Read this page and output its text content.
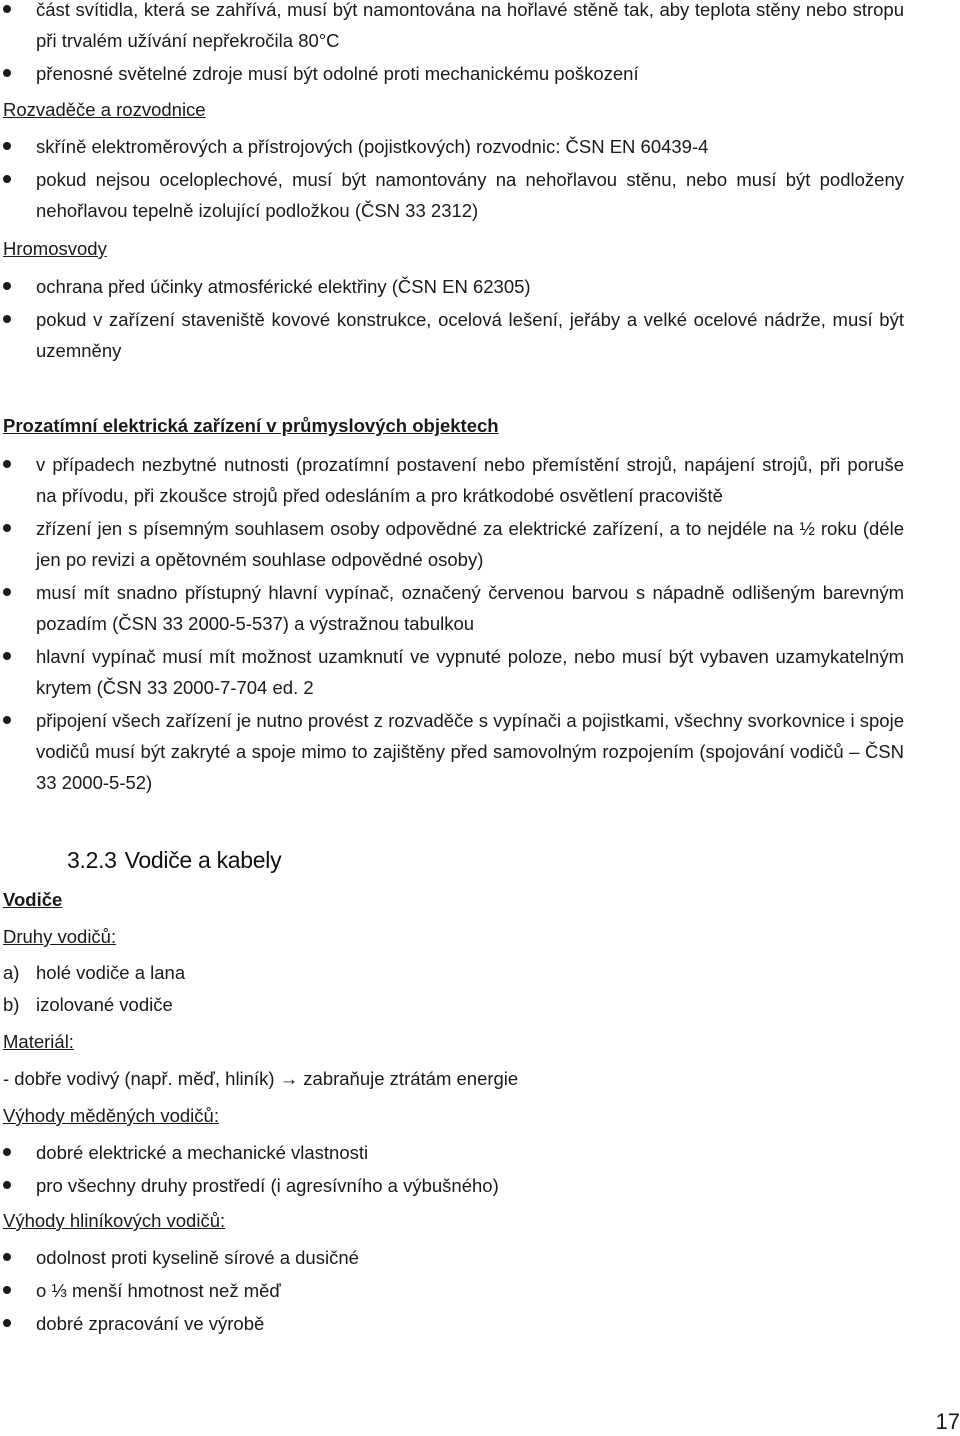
část svítidla, která se zahřívá, musí být namontována na hořlavé stěně tak, aby teplota stěny nebo stropu při trvalém užívání nepřekročila 80°C
přenosné světelné zdroje musí být odolné proti mechanickému poškození
Rozvaděče a rozvodnice
skříně elektroměrových a přístrojových (pojistkových) rozvodnic: ČSN EN 60439-4
pokud nejsou oceloplechové, musí být namontovány na nehořlavou stěnu, nebo musí být podloženy nehořlavou tepelně izolující podložkou (ČSN 33 2312)
Hromosvody
ochrana před účinky atmosférické elektřiny (ČSN EN 62305)
pokud v zařízení staveniště kovové konstrukce, ocelová lešení, jeřáby a velké ocelové nádrže, musí být uzemněny
Prozatímní elektrická zařízení v průmyslových objektech
v případech nezbytné nutnosti (prozatímní postavení nebo přemístění strojů, napájení strojů, při poruše na přívodu, při zkoušce strojů před odesláním a pro krátkodobé osvětlení pracoviště
zřízení jen s písemným souhlasem osoby odpovědné za elektrické zařízení, a to nejdéle na ½ roku (déle jen po revizi a opětovném souhlase odpovědné osoby)
musí mít snadno přístupný hlavní vypínač, označený červenou barvou s nápadně odlišeným barevným pozadím (ČSN 33 2000-5-537) a výstražnou tabulkou
hlavní vypínač musí mít možnost uzamknutí ve vypnuté poloze, nebo musí být vybaven uzamykatelným krytem (ČSN 33 2000-7-704 ed. 2
připojení všech zařízení je nutno provést z rozvaděče s vypínači a pojistkami, všechny svorkovnice i spoje vodičů musí být zakryté a spoje mimo to zajištěny před samovolným rozpojením (spojování vodičů – ČSN 33 2000-5-52)
3.2.3 Vodiče a kabely
Vodiče
Druhy vodičů:
a) holé vodiče a lana
b) izolované vodiče
Materiál:
- dobře vodivý (např. měď, hliník) → zabraňuje ztrátám energie
Výhody měděných vodičů:
dobré elektrické a mechanické vlastnosti
pro všechny druhy prostředí (i agresívního a výbušného)
Výhody hliníkových vodičů:
odolnost proti kyselině sírové a dusičné
o ⅓ menší hmotnost než měď
dobré zpracování ve výrobě
17
